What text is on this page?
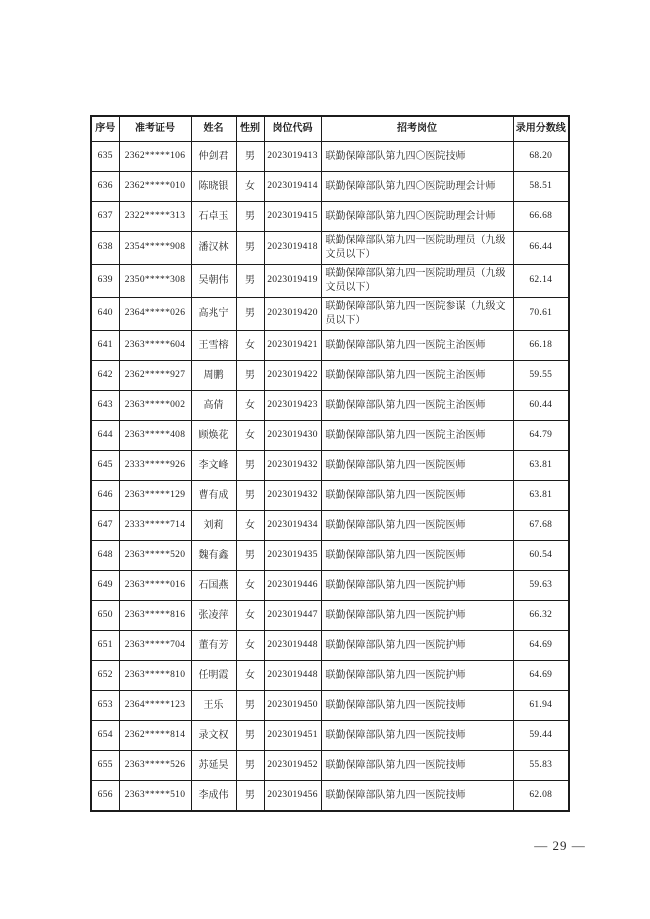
序号	准考证号	姓名	性别	岗位代码	招考岗位	录用分数线
635	2362*****106	仲剑君	男	2023019413	联勤保障部队第九四〇医院技师	68.20
636	2362*****010	陈晓银	女	2023019414	联勤保障部队第九四〇医院助理会计师	58.51
637	2322*****313	石卓玉	男	2023019415	联勤保障部队第九四〇医院助理会计师	66.68
638	2354*****908	潘汉林	男	2023019418	联勤保障部队第九四一医院助理员（九级文员以下）	66.44
639	2350*****308	吴朝伟	男	2023019419	联勤保障部队第九四一医院助理员（九级文员以下）	62.14
640	2364*****026	高兆宁	男	2023019420	联勤保障部队第九四一医院参谋（九级文员以下）	70.61
641	2363*****604	王雪榕	女	2023019421	联勤保障部队第九四一医院主治医师	66.18
642	2362*****927	周鹏	男	2023019422	联勤保障部队第九四一医院主治医师	59.55
643	2363*****002	高倩	女	2023019423	联勤保障部队第九四一医院主治医师	60.44
644	2363*****408	顾焕花	女	2023019430	联勤保障部队第九四一医院主治医师	64.79
645	2333*****926	李文峰	男	2023019432	联勤保障部队第九四一医院医师	63.81
646	2363*****129	曹有成	男	2023019432	联勤保障部队第九四一医院医师	63.81
647	2333*****714	刘莉	女	2023019434	联勤保障部队第九四一医院医师	67.68
648	2363*****520	魏有鑫	男	2023019435	联勤保障部队第九四一医院医师	60.54
649	2363*****016	石国燕	女	2023019446	联勤保障部队第九四一医院护师	59.63
650	2363*****816	张凌萍	女	2023019447	联勤保障部队第九四一医院护师	66.32
651	2363*****704	董有芳	女	2023019448	联勤保障部队第九四一医院护师	64.69
652	2363*****810	任明霞	女	2023019448	联勤保障部队第九四一医院护师	64.69
653	2364*****123	王乐	男	2023019450	联勤保障部队第九四一医院技师	61.94
654	2362*****814	录文权	男	2023019451	联勤保障部队第九四一医院技师	59.44
655	2363*****526	苏延昊	男	2023019452	联勤保障部队第九四一医院技师	55.83
656	2363*****510	李成伟	男	2023019456	联勤保障部队第九四一医院技师	62.08
— 29 —
